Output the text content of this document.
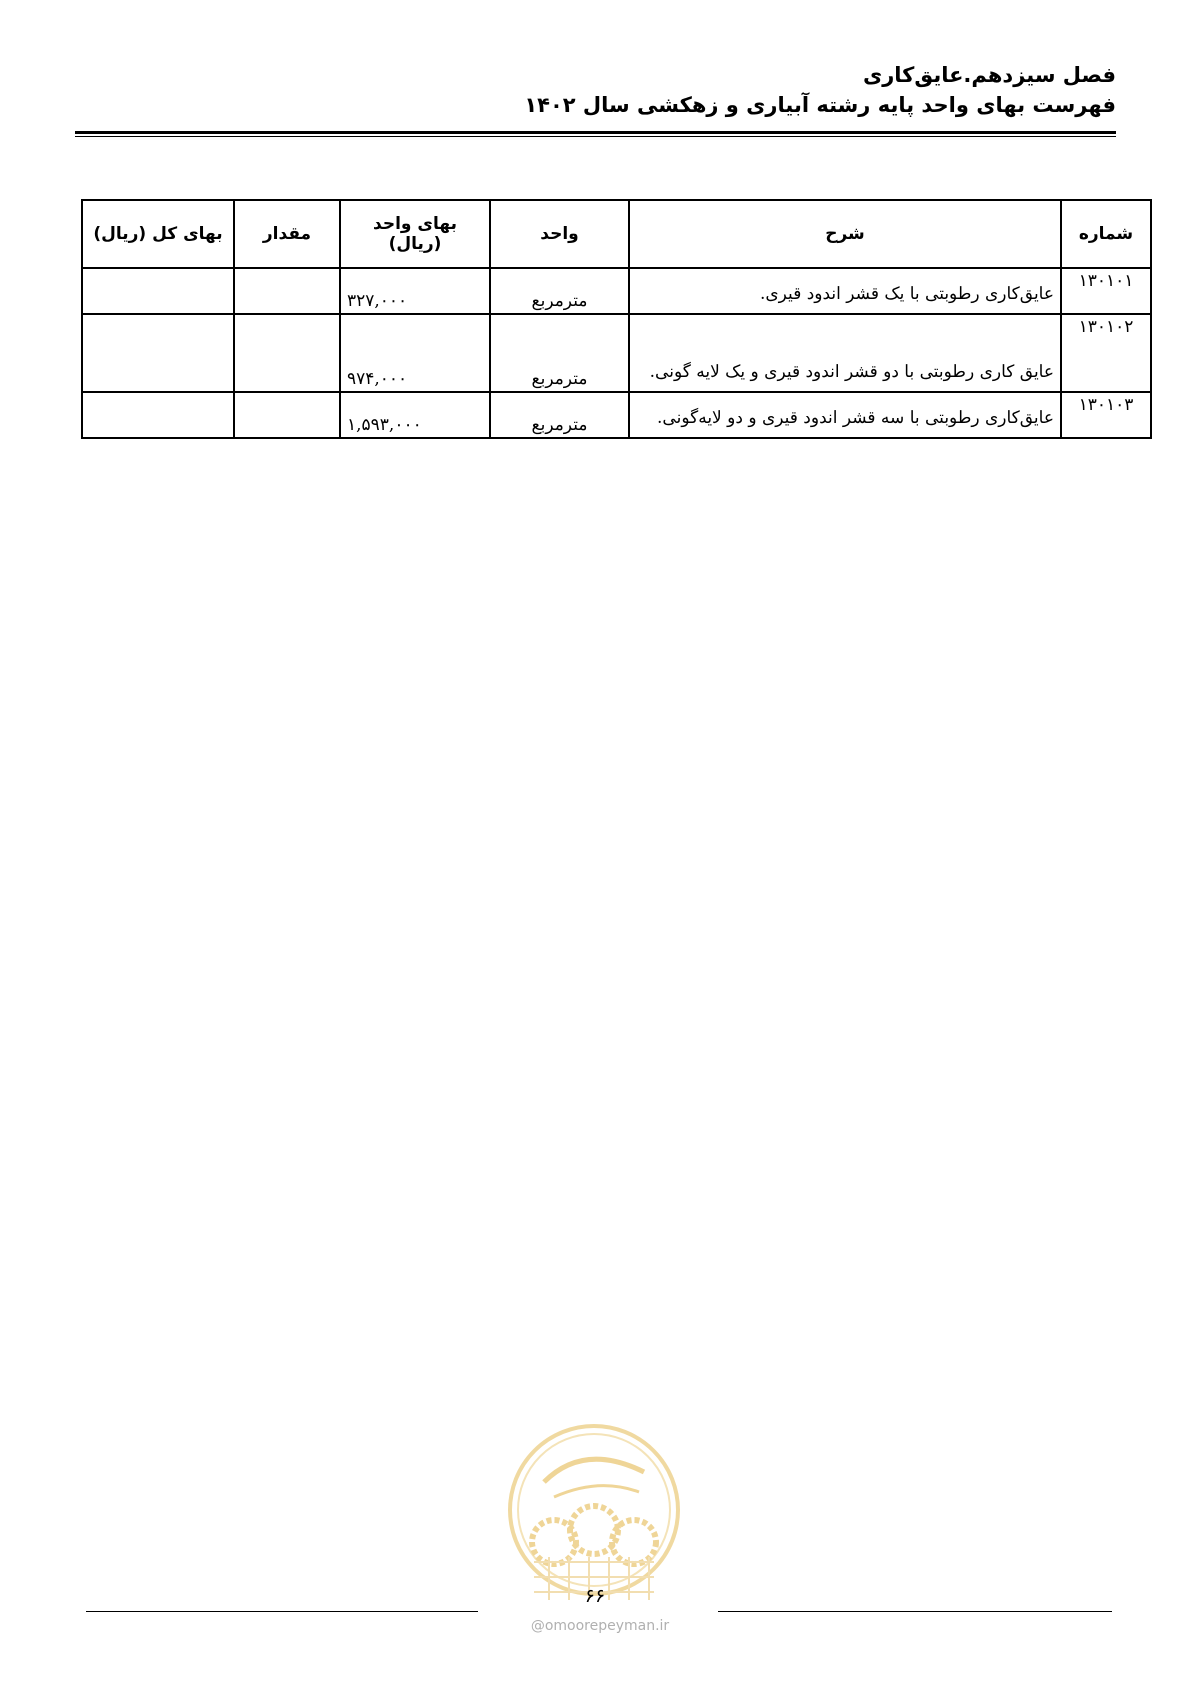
فصل سیزدهم.عایق‌کاری
فهرست بهای واحد پایه رشته آبیاری و زهکشی سال ۱۴۰۲
شماره	شرح	واحد	بهای واحد (ریال)	مقدار	بهای کل (ریال)
۱۳۰۱۰۱	عایق‌کاری رطوبتی با یک قشر اندود قیری.	مترمربع	۳۲۷,۰۰۰		
۱۳۰۱۰۲	عایق کاری رطوبتی با دو قشر اندود قیری و یک لایه گونی.	مترمربع	۹۷۴,۰۰۰		
۱۳۰۱۰۳	عایق‌کاری رطوبتی با سه قشر اندود قیری و دو لایه‌گونی.	مترمربع	۱,۵۹۳,۰۰۰		
۶۶
@omoorepeyman.ir
